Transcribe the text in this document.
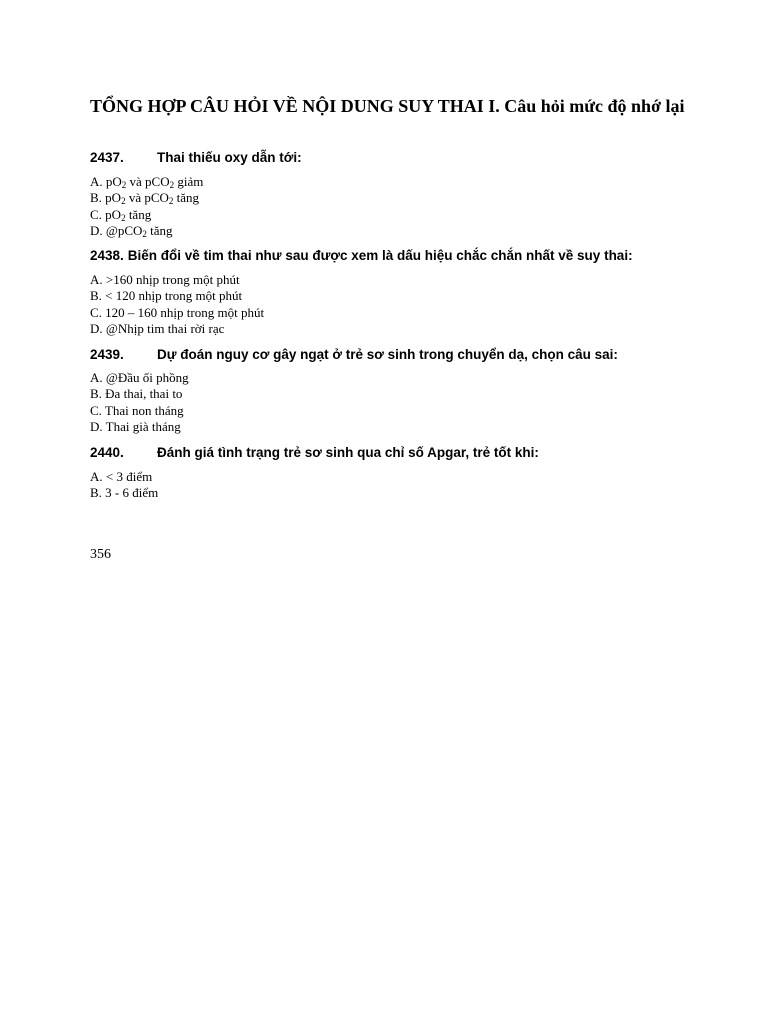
TỔNG HỢP CÂU HỎI VỀ NỘI DUNG SUY THAI I. Câu hỏi mức độ nhớ lại

2437. Thai thiếu oxy dẫn tới:

A. $pO_2$ và pCO$_2$ giảm
B. $pO_2$ và pCO$_2$ tăng
C. $pO_2$ tăng
D. @pCO$_2$ tăng

2438. Biến đổi về tim thai như sau được xem là dấu hiệu chắc chắn nhất về suy thai:

A. >160 nhịp trong một phút
B. < 120 nhịp trong một phút
C. 120 – 160 nhịp trong một phút
D. @Nhịp tim thai rời rạc

2439. Dự đoán nguy cơ gây ngạt ở trẻ sơ sinh trong chuyển dạ, chọn câu sai:

A. @Đầu ối phồng
B. Đa thai, thai to
C. Thai non tháng
D. Thai già tháng

2440. Đánh giá tình trạng trẻ sơ sinh qua chỉ số Apgar, trẻ tốt khi:

A. < 3 điểm
B. 3 - 6 điểm

356
